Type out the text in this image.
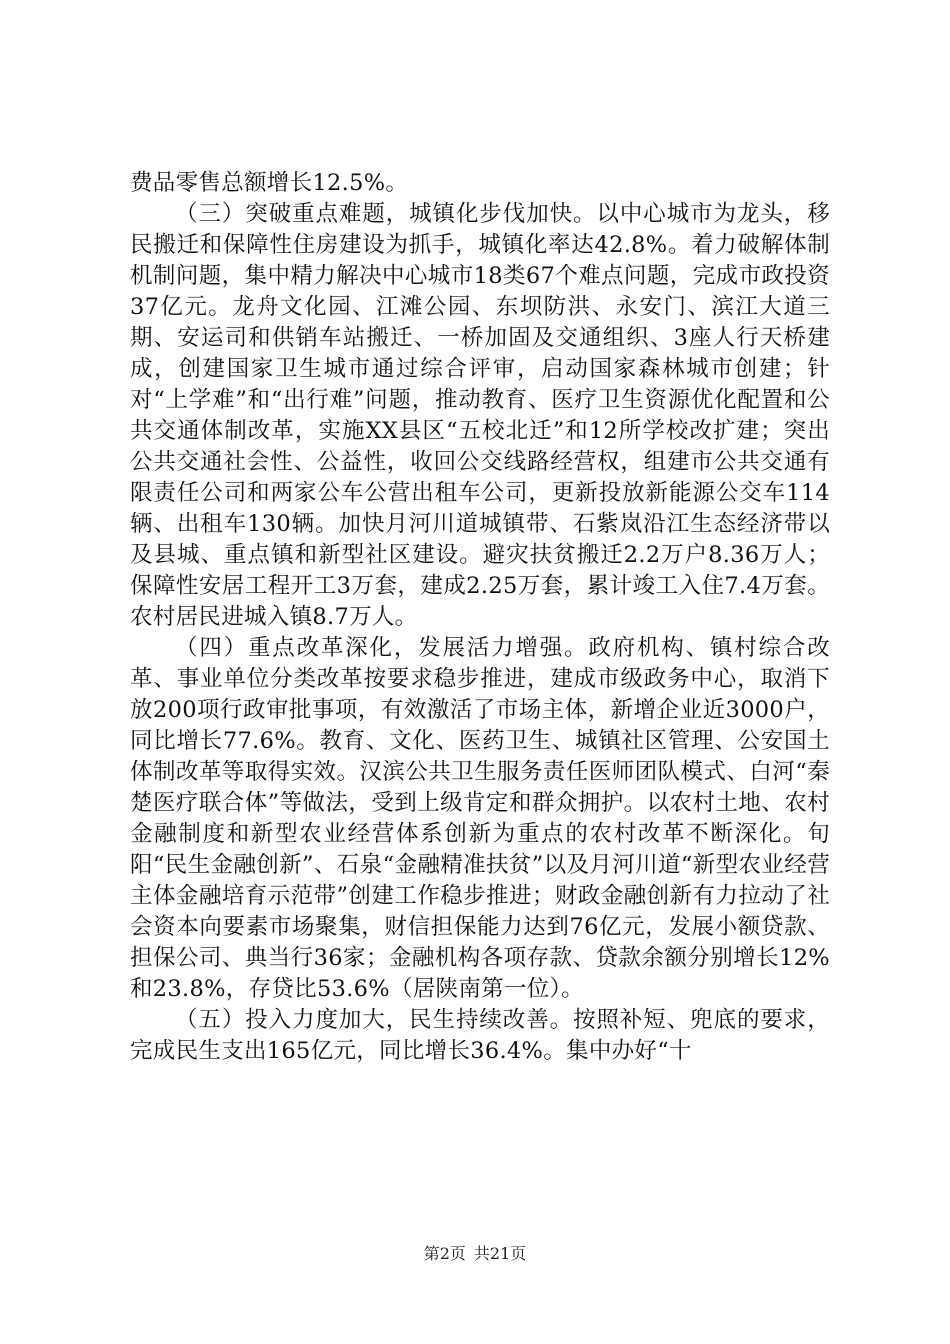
费品零售总额增长12.5%。

（三）突破重点难题，城镇化步伐加快。以中心城市为龙头，移民搬迁和保障性住房建设为抓手，城镇化率达42.8%。着力破解体制机制问题，集中精力解决中心城市18类67个难点问题，完成市政投资37亿元。龙舟文化园、江滩公园、东坝防洪、永安门、滨江大道三期、安运司和供销车站搬迁、一桥加固及交通组织、3座人行天桥建成，创建国家卫生城市通过综合评审，启动国家森林城市创建；针对“上学难”和“出行难”问题，推动教育、医疗卫生资源优化配置和公共交通体制改革，实施XX县区“五校北迁”和12所学校改扩建；突出公共交通社会性、公益性，收回公交线路经营权，组建市公共交通有限责任公司和两家公车公营出租车公司，更新投放新能源公交车114辆、出租车130辆。加快月河川道城镇带、石紫岚沿江生态经济带以及县城、重点镇和新型社区建设。避灾扶贫搬迁2.2万户8.36万人；保障性安居工程开工3万套，建成2.25万套，累计竣工入住7.4万套。农村居民进城入镇8.7万人。

（四）重点改革深化，发展活力增强。政府机构、镇村综合改革、事业单位分类改革按要求稳步推进，建成市级政务中心，取消下放200项行政审批事项，有效激活了市场主体，新增企业近3000户，同比增长77.6%。教育、文化、医药卫生、城镇社区管理、公安国土体制改革等取得实效。汉滨公共卫生服务责任医师团队模式、白河“秦楚医疗联合体”等做法，受到上级肯定和群众拥护。以农村土地、农村金融制度和新型农业经营体系创新为重点的农村改革不断深化。旬阳“民生金融创新”、石泉“金融精准扶贫”以及月河川道“新型农业经营主体金融培育示范带”创建工作稳步推进；财政金融创新有力拉动了社会资本向要素市场聚集，财信担保能力达到76亿元，发展小额贷款、担保公司、典当行36家；金融机构各项存款、贷款余额分别增长12%和23.8%，存贷比53.6%（居陕南第一位）。

（五）投入力度加大，民生持续改善。按照补短、兜底的要求，完成民生支出165亿元，同比增长36.4%。集中办好“十

第2页 共21页
